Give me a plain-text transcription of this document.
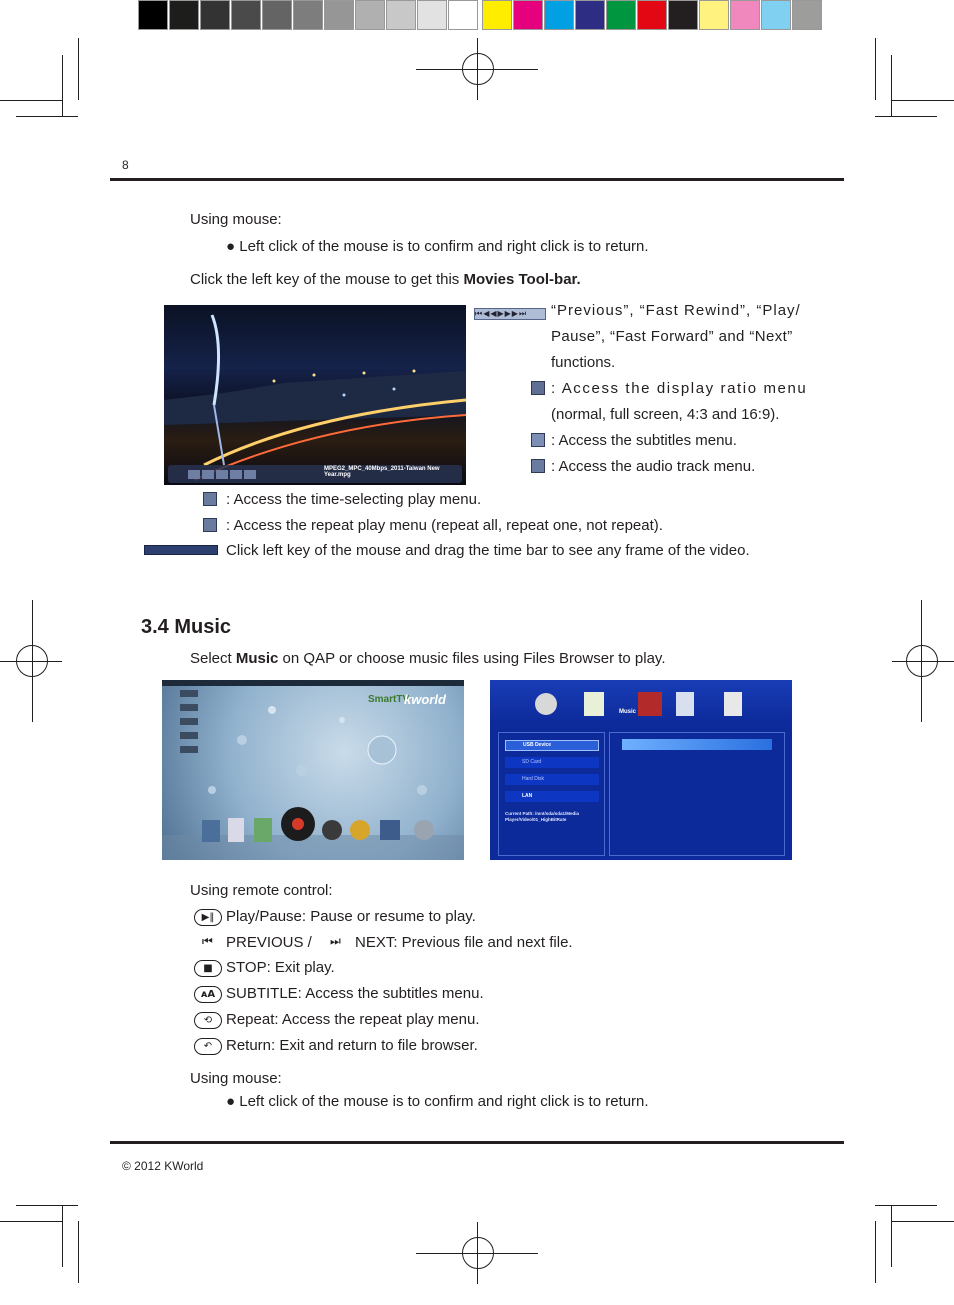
8
Using mouse:
● Left click of the mouse is to confirm and right click is to return.
Click the left key of the mouse to get this Movies Tool-bar.
MPEG2_MPC_40Mbps_2011-Taiwan New Year.mpg
⏮◀◀▶▶▶⏭	“Previous”, “Fast Rewind”, “Play/
Pause”, “Fast Forward” and “Next”
functions.
: Access the display ratio menu
(normal, full screen, 4:3 and 16:9).
: Access the subtitles menu.
: Access the audio track menu.
: Access the time-selecting play menu.
: Access the repeat play menu (repeat all, repeat one, not repeat).
Click left key of the mouse and drag the time bar to see any frame of the video.
3.4 Music
Select Music on QAP or choose music files using Files Browser to play.
SmartTV
kworld
Music
USB Device
SD Card
Hard Disk
LAN
Current Path: /mnt/sda/sda1/Media Player/Video/01_HighBitRate
Using remote control:
▶‖ Play/Pause: Pause or resume to play.
⏮ PREVIOUS / ⏭ NEXT: Previous file and next file.
■ STOP: Exit play.
ᴀA SUBTITLE: Access the subtitles menu.
⟲ Repeat: Access the repeat play menu.
↶ Return: Exit and return to file browser.
Using mouse:
● Left click of the mouse is to confirm and right click is to return.
© 2012 KWorld
